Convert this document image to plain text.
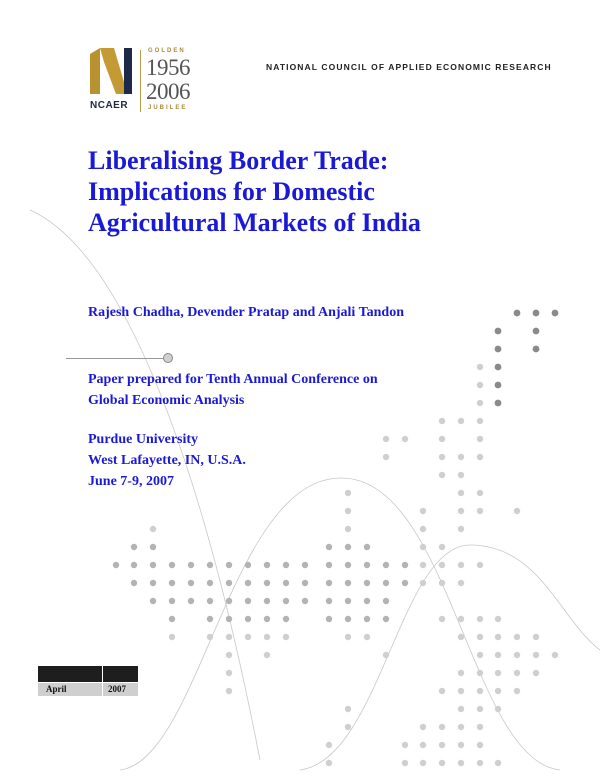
NCAER
GOLDEN
1956
2006
JUBILEE
NATIONAL COUNCIL OF APPLIED ECONOMIC RESEARCH
Liberalising Border Trade:
Implications for Domestic
Agricultural Markets of India
Rajesh Chadha, Devender Pratap and Anjali Tandon
Paper prepared for Tenth Annual Conference on
Global Economic Analysis
Purdue University
West Lafayette, IN, U.S.A.
June 7-9, 2007
April	2007
